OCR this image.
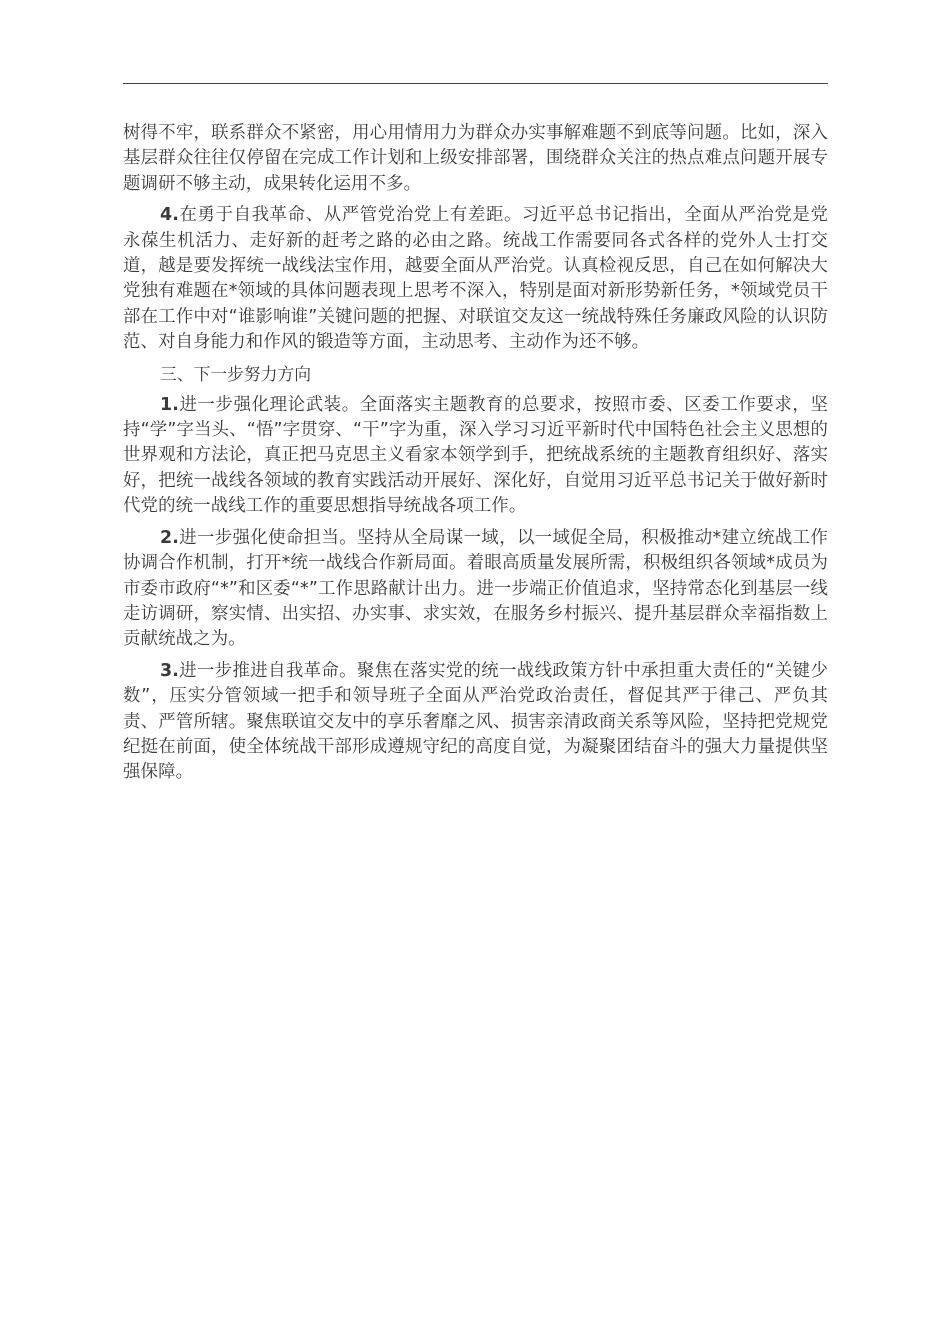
树得不牢，联系群众不紧密，用心用情用力为群众办实事解难题不到底等问题。比如，深入基层群众往往仅停留在完成工作计划和上级安排部署，围绕群众关注的热点难点问题开展专题调研不够主动，成果转化运用不多。

4.在勇于自我革命、从严管党治党上有差距。习近平总书记指出，全面从严治党是党永葆生机活力、走好新的赶考之路的必由之路。统战工作需要同各式各样的党外人士打交道，越是要发挥统一战线法宝作用，越要全面从严治党。认真检视反思，自己在如何解决大党独有难题在*领域的具体问题表现上思考不深入，特别是面对新形势新任务，*领域党员干部在工作中对“谁影响谁”关键问题的把握、对联谊交友这一统战特殊任务廉政风险的认识防范、对自身能力和作风的锻造等方面，主动思考、主动作为还不够。

三、下一步努力方向

1.进一步强化理论武装。全面落实主题教育的总要求，按照市委、区委工作要求，坚持“学”字当头、“悟”字贯穿、“干”字为重，深入学习习近平新时代中国特色社会主义思想的世界观和方法论，真正把马克思主义看家本领学到手，把统战系统的主题教育组织好、落实好，把统一战线各领域的教育实践活动开展好、深化好，自觉用习近平总书记关于做好新时代党的统一战线工作的重要思想指导统战各项工作。

2.进一步强化使命担当。坚持从全局谋一域，以一域促全局，积极推动*建立统战工作协调合作机制，打开*统一战线合作新局面。着眼高质量发展所需，积极组织各领域*成员为市委市政府“*”和区委“*”工作思路献计出力。进一步端正价值追求，坚持常态化到基层一线走访调研，察实情、出实招、办实事、求实效，在服务乡村振兴、提升基层群众幸福指数上贡献统战之为。

3.进一步推进自我革命。聚焦在落实党的统一战线政策方针中承担重大责任的“关键少数”，压实分管领域一把手和领导班子全面从严治党政治责任，督促其严于律己、严负其责、严管所辖。聚焦联谊交友中的享乐奢靡之风、损害亲清政商关系等风险，坚持把党规党纪挺在前面，使全体统战干部形成遵规守纪的高度自觉，为凝聚团结奋斗的强大力量提供坚强保障。
